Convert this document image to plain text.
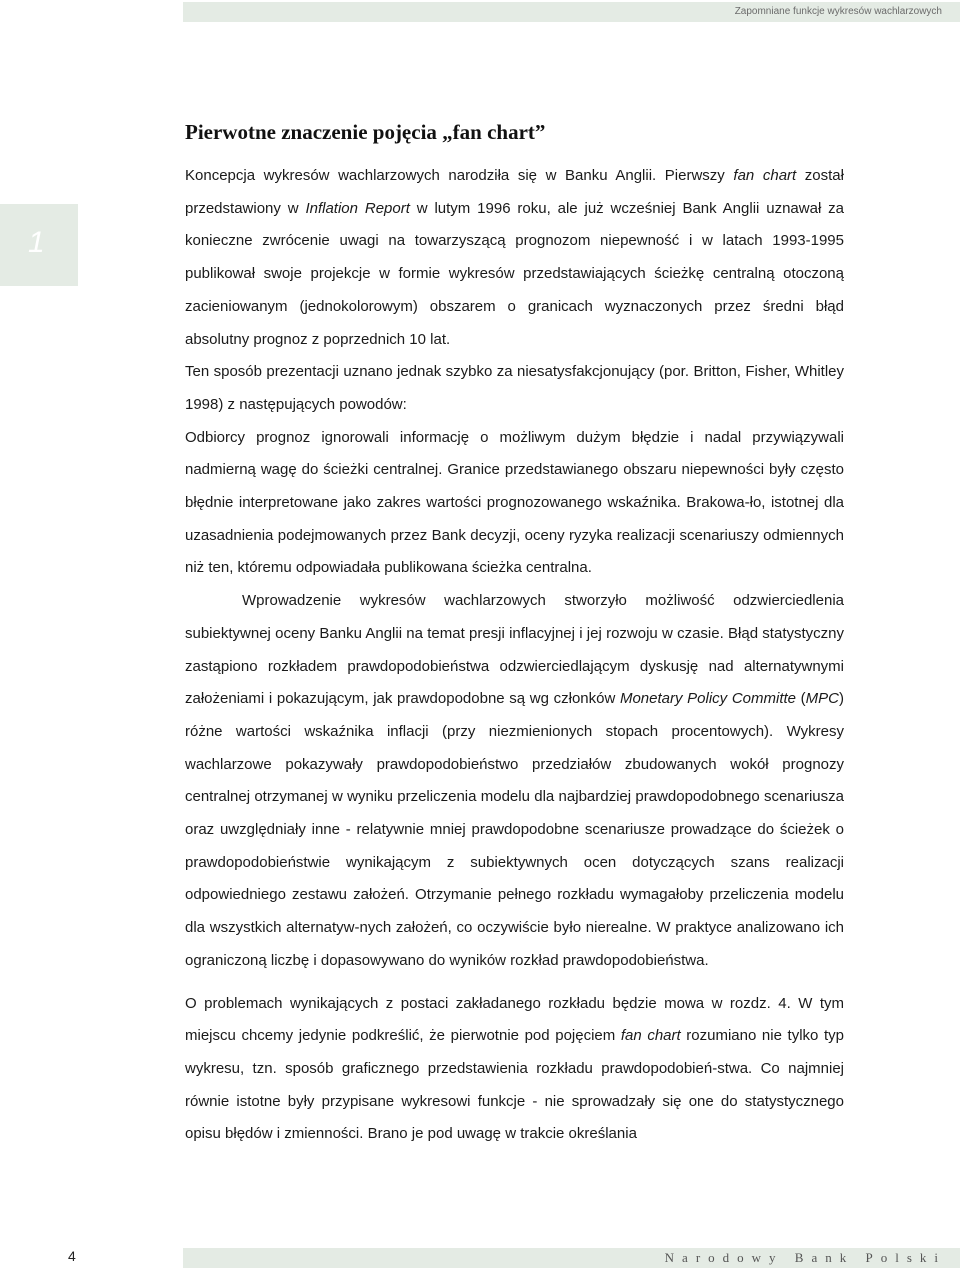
Zapomniane funkcje wykresów wachlarzowych
1
Pierwotne znaczenie pojęcia „fan chart”

Koncepcja wykresów wachlarzowych narodziła się w Banku Anglii. Pierwszy fan chart został przedstawiony w Inflation Report w lutym 1996 roku, ale już wcześniej Bank Anglii uznawał za konieczne zwrócenie uwagi na towarzyszącą prognozom niepewność i w latach 1993-1995 publikował swoje projekcje w formie wykresów przedstawiających ścieżkę centralną otoczoną zacieniowanym (jednokolorowym) obszarem o granicach wyznaczonych przez średni błąd absolutny prognoz z poprzednich 10 lat.

Ten sposób prezentacji uznano jednak szybko za niesatysfakcjonujący (por. Britton, Fisher, Whitley 1998) z następujących powodów:

Odbiorcy prognoz ignorowali informację o możliwym dużym błędzie i nadal przywiązywali nadmierną wagę do ścieżki centralnej. Granice przedstawianego obszaru niepewności były często błędnie interpretowane jako zakres wartości prognozowanego wskaźnika. Brakowa-ło, istotnej dla uzasadnienia podejmowanych przez Bank decyzji, oceny ryzyka realizacji scenariuszy odmiennych niż ten, któremu odpowiadała publikowana ścieżka centralna.

Wprowadzenie wykresów wachlarzowych stworzyło możliwość odzwierciedlenia subiektywnej oceny Banku Anglii na temat presji inflacyjnej i jej rozwoju w czasie. Błąd statystyczny zastąpiono rozkładem prawdopodobieństwa odzwierciedlającym dyskusję nad alternatywnymi założeniami i pokazującym, jak prawdopodobne są wg członków Monetary Policy Committe (MPC) różne wartości wskaźnika inflacji (przy niezmienionych stopach procentowych). Wykresy wachlarzowe pokazywały prawdopodobieństwo przedziałów zbudowanych wokół prognozy centralnej otrzymanej w wyniku przeliczenia modelu dla najbardziej prawdopodobnego scenariusza oraz uwzględniały inne - relatywnie mniej prawdopodobne scenariusze prowadzące do ścieżek o prawdopodobieństwie wynikającym z subiektywnych ocen dotyczących szans realizacji odpowiedniego zestawu założeń. Otrzymanie pełnego rozkładu wymagałoby przeliczenia modelu dla wszystkich alternatyw-nych założeń, co oczywiście było nierealne. W praktyce analizowano ich ograniczoną liczbę i dopasowywano do wyników rozkład prawdopodobieństwa.

O problemach wynikających z postaci zakładanego rozkładu będzie mowa w rozdz. 4. W tym miejscu chcemy jedynie podkreślić, że pierwotnie pod pojęciem fan chart rozumiano nie tylko typ wykresu, tzn. sposób graficznego przedstawienia rozkładu prawdopodobień-stwa. Co najmniej równie istotne były przypisane wykresowi funkcje - nie sprowadzały się one do statystycznego opisu błędów i zmienności. Brano je pod uwagę w trakcie określania

4	Narodowy Bank Polski
